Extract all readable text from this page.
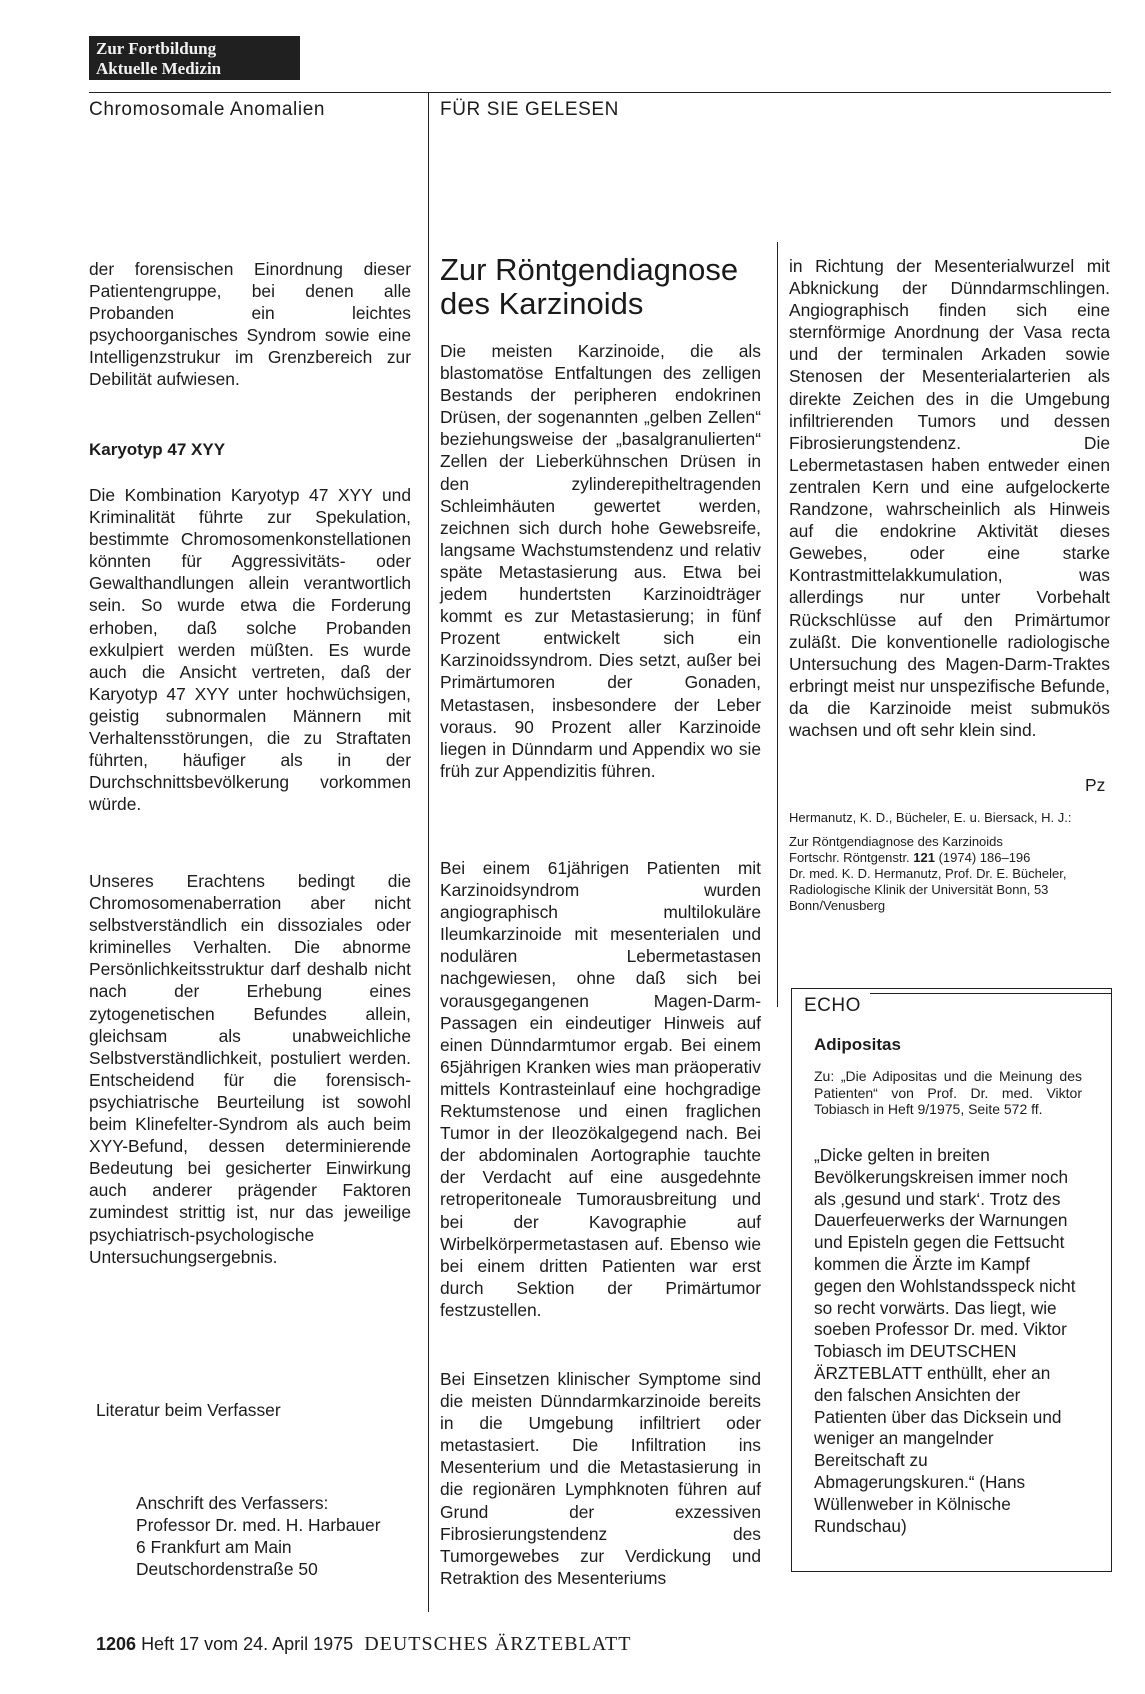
Zur Fortbildung
Aktuelle Medizin
Chromosomale Anomalien	FÜR SIE GELESEN

der forensischen Einordnung dieser Patientengruppe, bei denen alle Probanden ein leichtes psychoorganisches Syndrom sowie eine Intelligenzstrukur im Grenzbereich zur Debilität aufwiesen.

Karyotyp 47 XYY

Die Kombination Karyotyp 47 XYY und Kriminalität führte zur Spekulation, bestimmte Chromosomenkonstellationen könnten für Aggressivitäts- oder Gewalthandlungen allein verantwortlich sein. So wurde etwa die Forderung erhoben, daß solche Probanden exkulpiert werden müßten. Es wurde auch die Ansicht vertreten, daß der Karyotyp 47 XYY unter hochwüchsigen, geistig subnormalen Männern mit Verhaltensstörungen, die zu Straftaten führten, häufiger als in der Durchschnittsbevölkerung vorkommen würde.

Unseres Erachtens bedingt die Chromosomenaberration aber nicht selbstverständlich ein dissoziales oder kriminelles Verhalten. Die abnorme Persönlichkeitsstruktur darf deshalb nicht nach der Erhebung eines zytogenetischen Befundes allein, gleichsam als unabweichliche Selbstverständlichkeit, postuliert werden. Entscheidend für die forensisch-psychiatrische Beurteilung ist sowohl beim Klinefelter-Syndrom als auch beim XYY-Befund, dessen determinierende Bedeutung bei gesicherter Einwirkung auch anderer prägender Faktoren zumindest strittig ist, nur das jeweilige psychiatrisch-psychologische Untersuchungsergebnis.

Literatur beim Verfasser
Anschrift des Verfassers:
Professor Dr. med. H. Harbauer
6 Frankfurt am Main
Deutschordenstraße 50
Zur Röntgendiagnose
des Karzinoids

Die meisten Karzinoide, die als blastomatöse Entfaltungen des zelligen Bestands der peripheren endokrinen Drüsen, der sogenannten „gelben Zellen“ beziehungsweise der „basalgranulierten“ Zellen der Lieberkühnschen Drüsen in den zylinderepitheltragenden Schleimhäuten gewertet werden, zeichnen sich durch hohe Gewebsreife, langsame Wachstumstendenz und relativ späte Metastasierung aus. Etwa bei jedem hundertsten Karzinoidträger kommt es zur Metastasierung; in fünf Prozent entwickelt sich ein Karzinoidssyndrom. Dies setzt, außer bei Primärtumoren der Gonaden, Metastasen, insbesondere der Leber voraus. 90 Prozent aller Karzinoide liegen in Dünndarm und Appendix wo sie früh zur Appendizitis führen.

Bei einem 61jährigen Patienten mit Karzinoidsyndrom wurden angiographisch multilokuläre Ileumkarzinoide mit mesenterialen und nodulären Lebermetastasen nachgewiesen, ohne daß sich bei vorausgegangenen Magen-Darm-Passagen ein eindeutiger Hinweis auf einen Dünndarmtumor ergab. Bei einem 65jährigen Kranken wies man präoperativ mittels Kontrasteinlauf eine hochgradige Rektumstenose und einen fraglichen Tumor in der Ileozökalgegend nach. Bei der abdominalen Aortographie tauchte der Verdacht auf eine ausgedehnte retroperitoneale Tumorausbreitung und bei der Kavographie auf Wirbelkörpermetastasen auf. Ebenso wie bei einem dritten Patienten war erst durch Sektion der Primärtumor festzustellen.

Bei Einsetzen klinischer Symptome sind die meisten Dünndarmkarzinoide bereits in die Umgebung infiltriert oder metastasiert. Die Infiltration ins Mesenterium und die Metastasierung in die regionären Lymphknoten führen auf Grund der exzessiven Fibrosierungstendenz des Tumorgewebes zur Verdickung und Retraktion des Mesenteriums

in Richtung der Mesenterialwurzel mit Abknickung der Dünndarmschlingen. Angiographisch finden sich eine sternförmige Anordnung der Vasa recta und der terminalen Arkaden sowie Stenosen der Mesenterialarterien als direkte Zeichen des in die Umgebung infiltrierenden Tumors und dessen Fibrosierungstendenz. Die Lebermetastasen haben entweder einen zentralen Kern und eine aufgelockerte Randzone, wahrscheinlich als Hinweis auf die endokrine Aktivität dieses Gewebes, oder eine starke Kontrastmittelakkumulation, was allerdings nur unter Vorbehalt Rückschlüsse auf den Primärtumor zuläßt. Die konventionelle radiologische Untersuchung des Magen-Darm-Traktes erbringt meist nur unspezifische Befunde, da die Karzinoide meist submukös wachsen und oft sehr klein sind.

Pz
Hermanutz, K. D., Bücheler, E. u. Biersack, H. J.:
Zur Röntgendiagnose des Karzinoids
Fortschr. Röntgenstr. 121 (1974) 186–196
Dr. med. K. D. Hermanutz, Prof. Dr. E. Bücheler, Radiologische Klinik der Universität Bonn, 53 Bonn/Venusberg
ECHO
Adipositas
Zu: „Die Adipositas und die Meinung des Patienten“ von Prof. Dr. med. Viktor Tobiasch in Heft 9/1975, Seite 572 ff.
„Dicke gelten in breiten Bevölkerungskreisen immer noch als ‚gesund und stark‘. Trotz des Dauerfeuerwerks der Warnungen und Episteln gegen die Fettsucht kommen die Ärzte im Kampf gegen den Wohlstandsspeck nicht so recht vorwärts. Das liegt, wie soeben Professor Dr. med. Viktor Tobiasch im DEUTSCHEN ÄRZTEBLATT enthüllt, eher an den falschen Ansichten der Patienten über das Dicksein und weniger an mangelnder Bereitschaft zu Abmagerungskuren.“ (Hans Wüllenweber in Kölnische Rundschau)
1206 Heft 17 vom 24. April 1975 DEUTSCHES ÄRZTEBLATT
